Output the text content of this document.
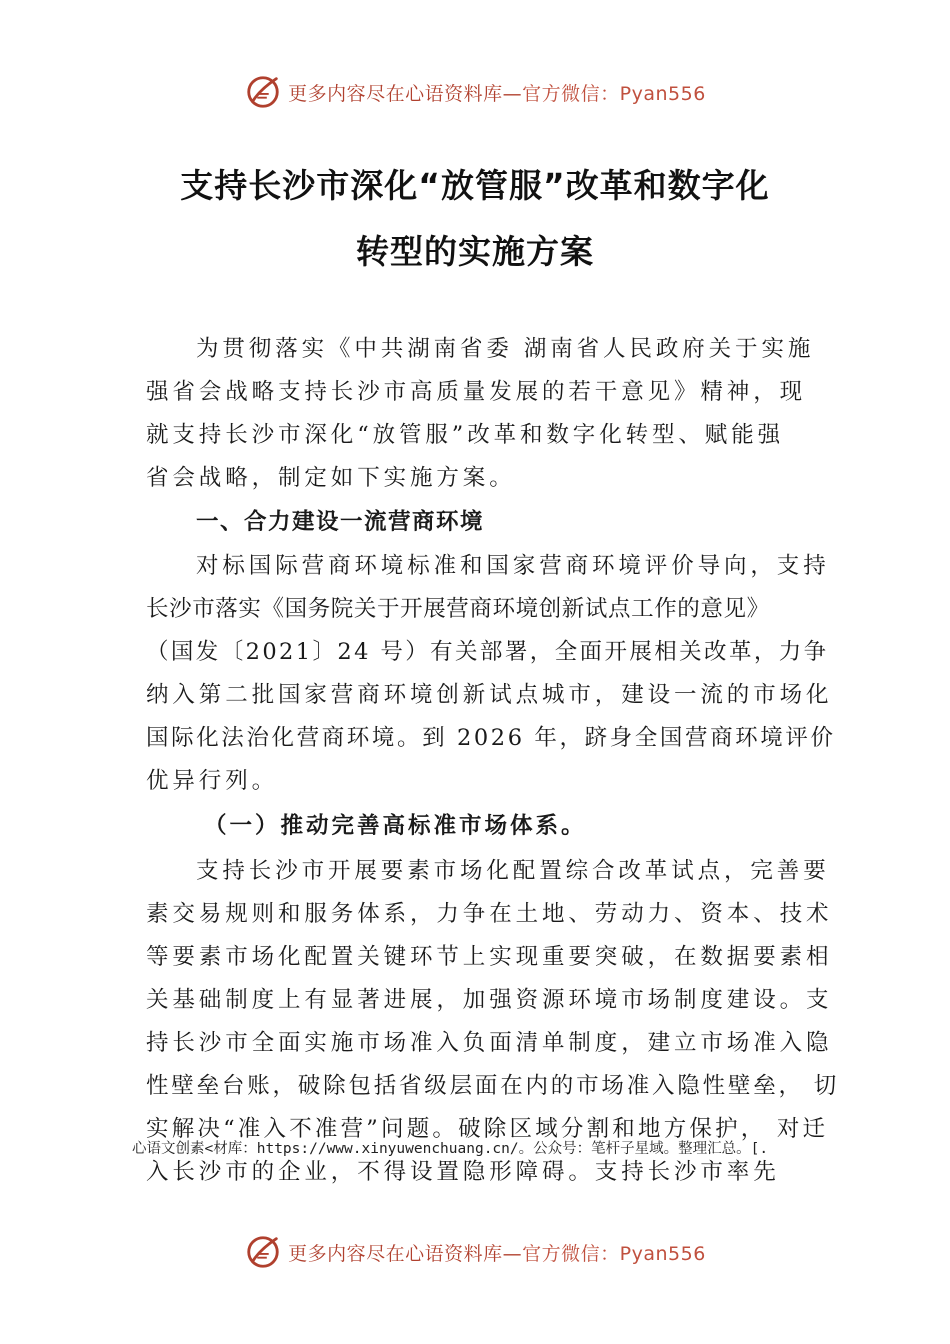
更多内容尽在心语资料库—官方微信：Pyan556
支持长沙市深化“放管服”改革和数字化
转型的实施方案
为贯彻落实《中共湖南省委 湖南省人民政府关于实施
强省会战略支持长沙市高质量发展的若干意见》精神，现
就支持长沙市深化“放管服”改革和数字化转型、赋能强
省会战略，制定如下实施方案。
一、合力建设一流营商环境
对标国际营商环境标准和国家营商环境评价导向，支持
长沙市落实《国务院关于开展营商环境创新试点工作的意见》
（国发〔2021〕24 号）有关部署，全面开展相关改革，力争
纳入第二批国家营商环境创新试点城市，建设一流的市场化
国际化法治化营商环境。到 2026 年，跻身全国营商环境评价
优异行列。
（一）推动完善高标准市场体系。
支持长沙市开展要素市场化配置综合改革试点，完善要
素交易规则和服务体系，力争在土地、劳动力、资本、技术
等要素市场化配置关键环节上实现重要突破，在数据要素相
关基础制度上有显著进展，加强资源环境市场制度建设。支
持长沙市全面实施市场准入负面清单制度，建立市场准入隐
性壁垒台账，破除包括省级层面在内的市场准入隐性壁垒， 切
实解决“准入不准营”问题。破除区域分割和地方保护， 对迁
入长沙市的企业，不得设置隐形障碍。支持长沙市率先
心语文创素<材库：https://www.xinyuwenchuang.cn/。公众号：笔杆子星域。整理汇总。[.
更多内容尽在心语资料库—官方微信：Pyan556
